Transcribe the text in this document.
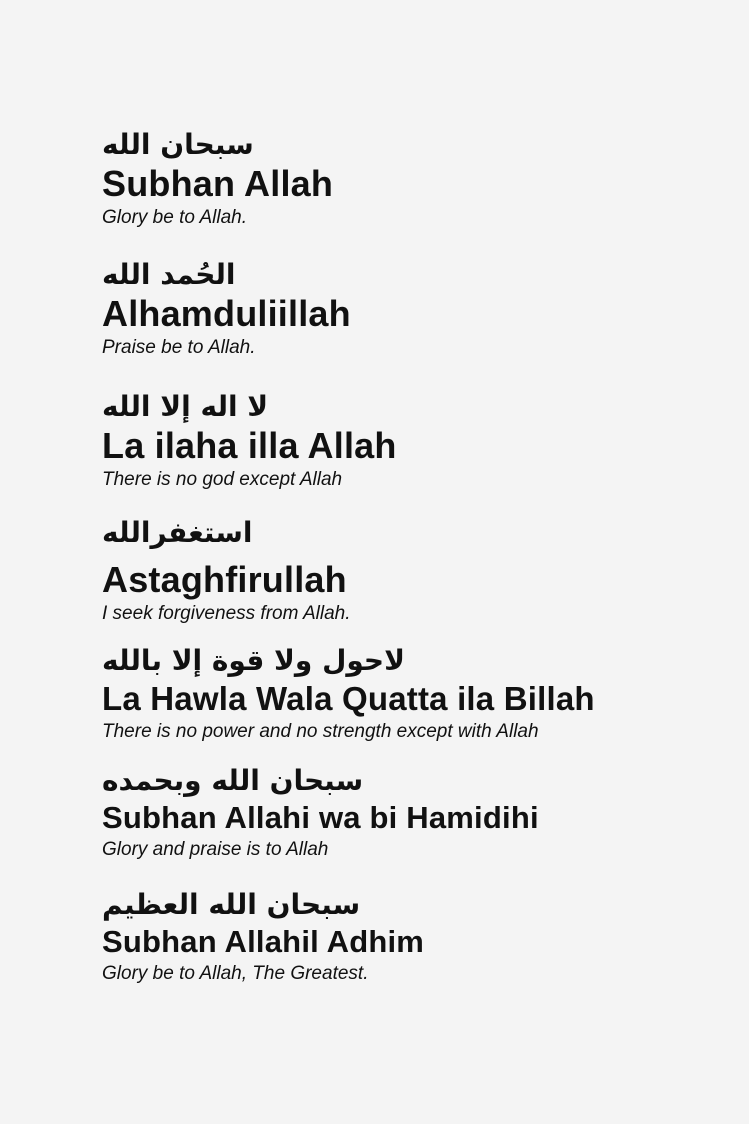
سبحان الله
Subhan Allah
Glory be to Allah.
الحُمد الله
Alhamduliillah
Praise be to Allah.
لا اله إلا الله
La ilaha illa Allah
There is no god except Allah
استغفرالله
Astaghfirullah
I seek forgiveness from Allah.
لاحول ولا قوة إلا بالله
La Hawla Wala Quatta ila Billah
There is no power and no strength except with Allah
سبحان الله وبحمده
Subhan Allahi wa bi Hamidihi
Glory and praise is to Allah
سبحان الله العظيم
Subhan Allahil Adhim
Glory be to Allah, The Greatest.
